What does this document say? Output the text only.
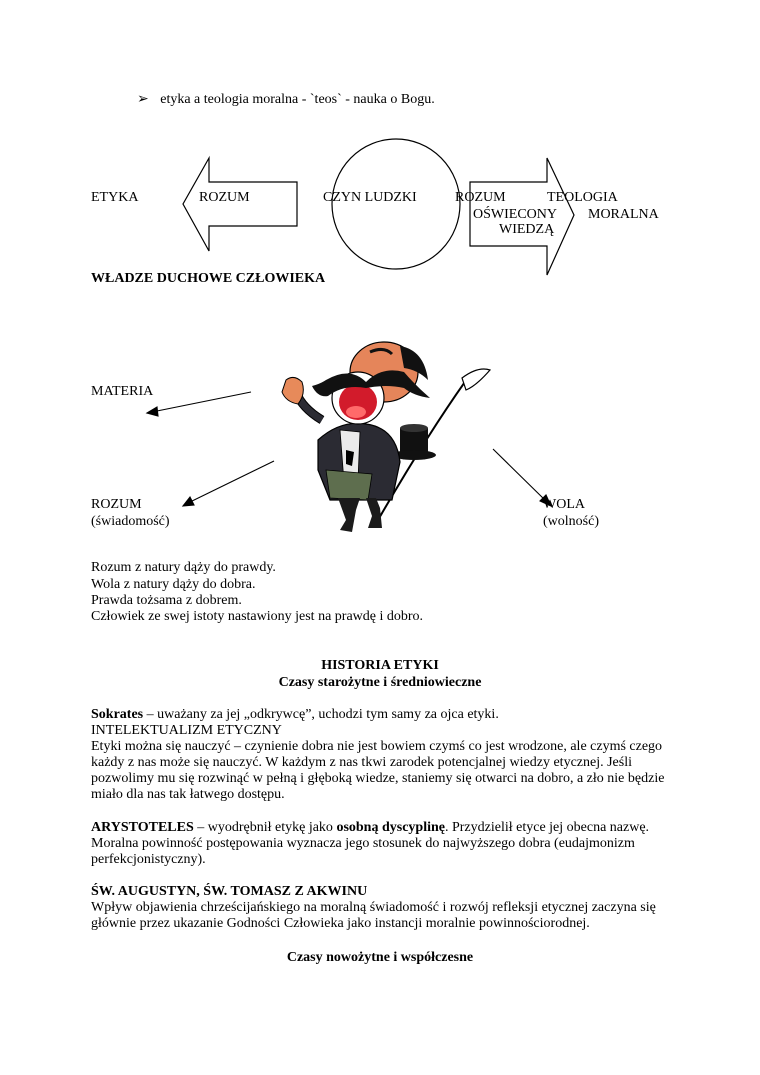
➢ etyka a teologia moralna - `teos` - nauka o Bogu.
ETYKA	ROZUM	CZYN LUDZKI	ROZUM
OŚWIECONY
WIEDZĄ
TEOLOGIA
MORALNA
WŁADZE DUCHOWE CZŁOWIEKA
MATERIA
ROZUM
(świadomość)
WOLA
(wolność)
Rozum z natury dąży do prawdy.
Wola z natury dąży do dobra.
Prawda tożsama z dobrem.
Człowiek ze swej istoty nastawiony jest na prawdę i dobro.
HISTORIA ETYKI
Czasy starożytne i średniowieczne
Sokrates – uważany za jej „odkrywcę”, uchodzi tym samy za ojca etyki.
INTELEKTUALIZM ETYCZNY
Etyki można się nauczyć – czynienie dobra nie jest bowiem czymś co jest wrodzone, ale czymś czego
każdy z nas może się nauczyć. W każdym z nas tkwi zarodek potencjalnej wiedzy etycznej. Jeśli
pozwolimy mu się rozwinąć w pełną i głęboką wiedze, staniemy się otwarci na dobro, a zło nie będzie
miało dla nas tak łatwego dostępu.
ARYSTOTELES – wyodrębnił etykę jako osobną dyscyplinę. Przydzielił etyce jej obecna nazwę.
Moralna powinność postępowania wyznacza jego stosunek do najwyższego dobra (eudajmonizm
perfekcjonistyczny).
ŚW. AUGUSTYN, ŚW. TOMASZ Z AKWINU
Wpływ objawienia chrześcijańskiego na moralną świadomość i rozwój refleksji etycznej zaczyna się
głównie przez ukazanie Godności Człowieka jako instancji moralnie powinnościorodnej.
Czasy nowożytne i współczesne
